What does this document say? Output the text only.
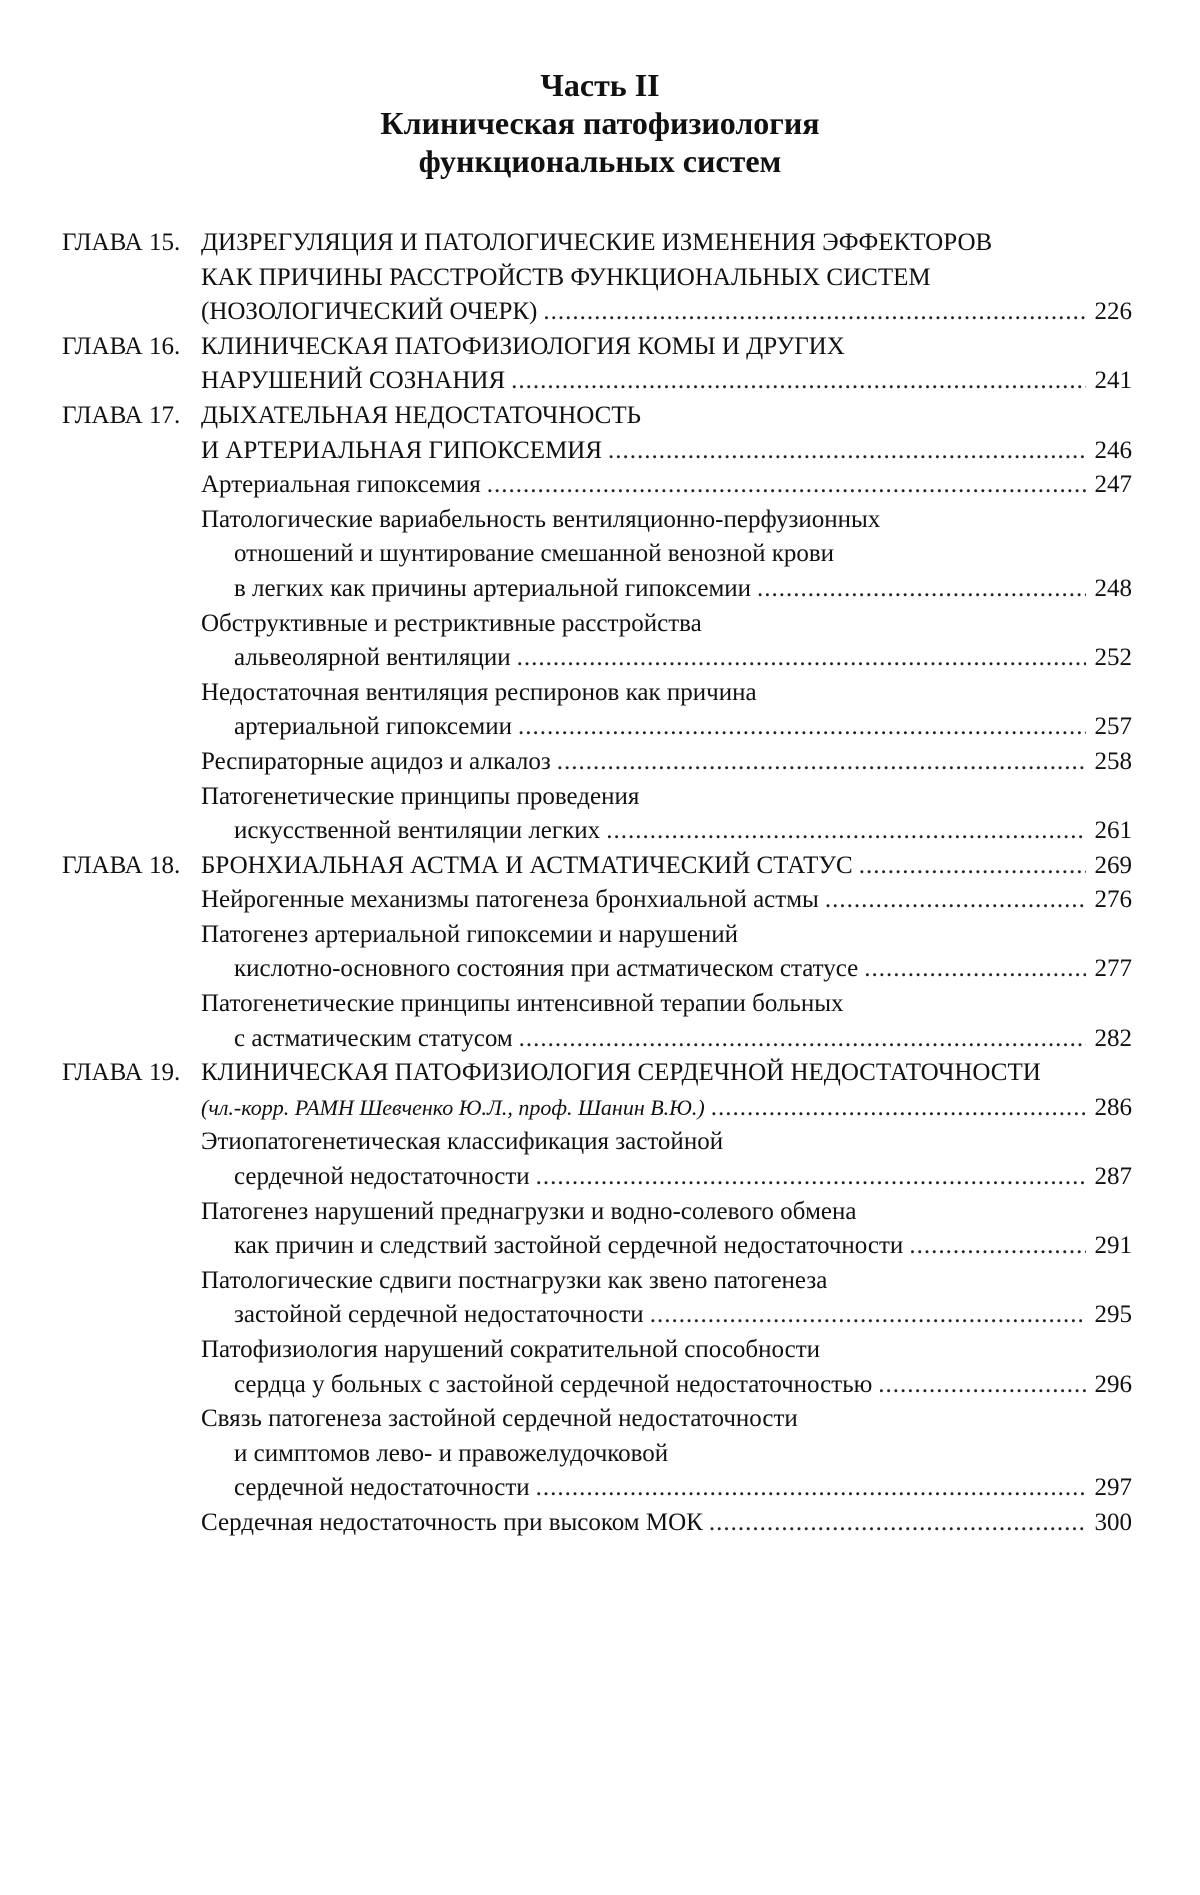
Часть II
Клиническая патофизиология
функциональных систем
ГЛАВА 15. ДИЗРЕГУЛЯЦИЯ И ПАТОЛОГИЧЕСКИЕ ИЗМЕНЕНИЯ ЭФФЕКТОРОВ
КАК ПРИЧИНЫ РАССТРОЙСТВ ФУНКЦИОНАЛЬНЫХ СИСТЕМ
(НОЗОЛОГИЧЕСКИЙ ОЧЕРК) .....	226
ГЛАВА 16. КЛИНИЧЕСКАЯ ПАТОФИЗИОЛОГИЯ КОМЫ И ДРУГИХ
НАРУШЕНИЙ СОЗНАНИЯ .....	241
ГЛАВА 17. ДЫХАТЕЛЬНАЯ НЕДОСТАТОЧНОСТЬ
И АРТЕРИАЛЬНАЯ ГИПОКСЕМИЯ .....	246
Артериальная гипоксемия .....	247
Патологические вариабельность вентиляционно-перфузионных
отношений и шунтирование смешанной венозной крови
в легких как причины артериальной гипоксемии .....	248
Обструктивные и рестриктивные расстройства
альвеолярной вентиляции .....	252
Недостаточная вентиляция респиронов как причина
артериальной гипоксемии .....	257
Респираторные ацидоз и алкалоз .....	258
Патогенетические принципы проведения
искусственной вентиляции легких .....	261
ГЛАВА 18. БРОНХИАЛЬНАЯ АСТМА И АСТМАТИЧЕСКИЙ СТАТУС .....	269
Нейрогенные механизмы патогенеза бронхиальной астмы .....	276
Патогенез артериальной гипоксемии и нарушений
кислотно-основного состояния при астматическом статусе .....	277
Патогенетические принципы интенсивной терапии больных
с астматическим статусом .....	282
ГЛАВА 19. КЛИНИЧЕСКАЯ ПАТОФИЗИОЛОГИЯ СЕРДЕЧНОЙ НЕДОСТАТОЧНОСТИ
(чл.-корр. РАМН Шевченко Ю.Л., проф. Шанин В.Ю.) .....	286
Этиопатогенетическая классификация застойной
сердечной недостаточности .....	287
Патогенез нарушений преднагрузки и водно-солевого обмена
как причин и следствий застойной сердечной недостаточности .....	291
Патологические сдвиги постнагрузки как звено патогенеза
застойной сердечной недостаточности .....	295
Патофизиология нарушений сократительной способности
сердца у больных с застойной сердечной недостаточностью .....	296
Связь патогенеза застойной сердечной недостаточности
и симптомов лево- и правожелудочковой
сердечной недостаточности .....	297
Сердечная недостаточность при высоком МОК .....	300
